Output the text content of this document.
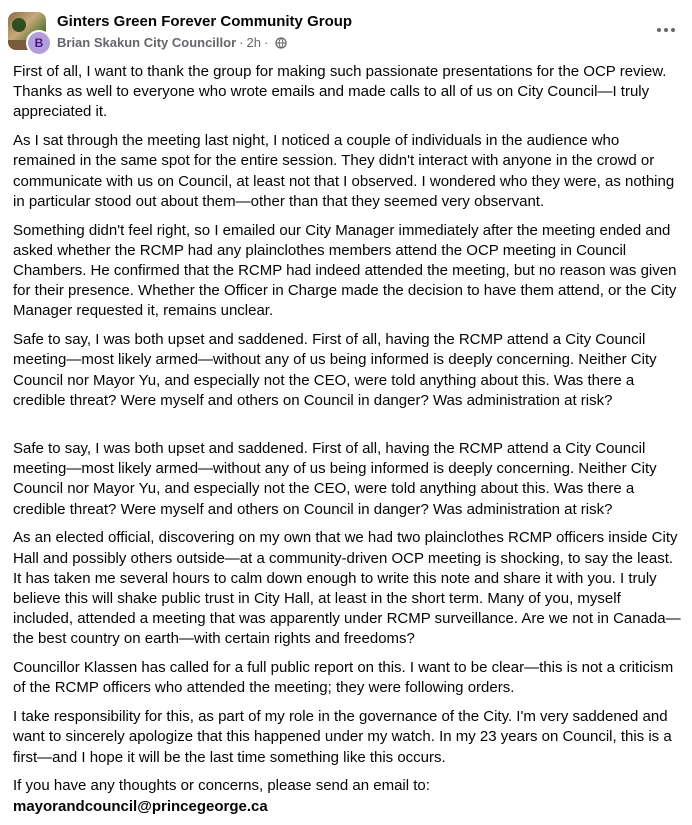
B
Ginters Green Forever Community Group
Brian Skakun City Councillor · 2h ·

First of all, I want to thank the group for making such passionate presentations for the OCP review. Thanks as well to everyone who wrote emails and made calls to all of us on City Council—I truly appreciated it.

As I sat through the meeting last night, I noticed a couple of individuals in the audience who remained in the same spot for the entire session. They didn't interact with anyone in the crowd or communicate with us on Council, at least not that I observed. I wondered who they were, as nothing in particular stood out about them—other than that they seemed very observant.

Something didn't feel right, so I emailed our City Manager immediately after the meeting ended and asked whether the RCMP had any plainclothes members attend the OCP meeting in Council Chambers. He confirmed that the RCMP had indeed attended the meeting, but no reason was given for their presence. Whether the Officer in Charge made the decision to have them attend, or the City Manager requested it, remains unclear.

Safe to say, I was both upset and saddened. First of all, having the RCMP attend a City Council meeting—most likely armed—without any of us being informed is deeply concerning. Neither City Council nor Mayor Yu, and especially not the CEO, were told anything about this. Was there a credible threat? Were myself and others on Council in danger? Was administration at risk?

Safe to say, I was both upset and saddened. First of all, having the RCMP attend a City Council meeting—most likely armed—without any of us being informed is deeply concerning. Neither City Council nor Mayor Yu, and especially not the CEO, were told anything about this. Was there a credible threat? Were myself and others on Council in danger? Was administration at risk?

As an elected official, discovering on my own that we had two plainclothes RCMP officers inside City Hall and possibly others outside—at a community-driven OCP meeting is shocking, to say the least. It has taken me several hours to calm down enough to write this note and share it with you. I truly believe this will shake public trust in City Hall, at least in the short term. Many of you, myself included, attended a meeting that was apparently under RCMP surveillance. Are we not in Canada—the best country on earth—with certain rights and freedoms?

Councillor Klassen has called for a full public report on this. I want to be clear—this is not a criticism of the RCMP officers who attended the meeting; they were following orders.

I take responsibility for this, as part of my role in the governance of the City. I'm very saddened and want to sincerely apologize that this happened under my watch. In my 23 years on Council, this is a first—and I hope it will be the last time something like this occurs.

If you have any thoughts or concerns, please send an email to:
mayorandcouncil@princegeorge.ca
